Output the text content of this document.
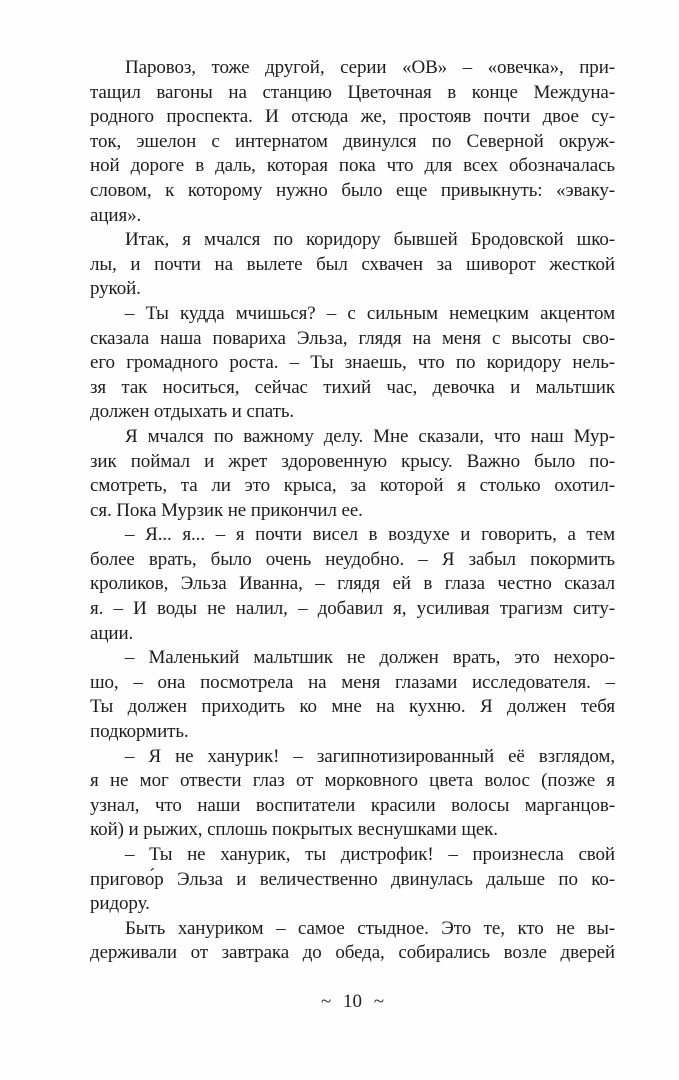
Паровоз, тоже другой, серии «ОВ» – «овечка», при-
тащил вагоны на станцию Цветочная в конце Междуна-
родного проспекта. И отсюда же, простояв почти двое су-
ток, эшелон с интернатом двинулся по Северной окруж-
ной дороге в даль, которая пока что для всех обозначалась
словом, к которому нужно было еще привыкнуть: «эваку-
ация».
Итак, я мчался по коридору бывшей Бродовской шко-
лы, и почти на вылете был схвачен за шиворот жесткой
рукой.
– Ты кудда мчишься? – с сильным немецким акцентом
сказала наша повариха Эльза, глядя на меня с высоты сво-
его громадного роста. – Ты знаешь, что по коридору нель-
зя так носиться, сейчас тихий час, девочка и мальтшик
должен отдыхать и спать.
Я мчался по важному делу. Мне сказали, что наш Мур-
зик поймал и жрет здоровенную крысу. Важно было по-
смотреть, та ли это крыса, за которой я столько охотил-
ся. Пока Мурзик не прикончил ее.
– Я... я... – я почти висел в воздухе и говорить, а тем
более врать, было очень неудобно. – Я забыл покормить
кроликов, Эльза Иванна, – глядя ей в глаза честно сказал
я. – И воды не налил, – добавил я, усиливая трагизм ситу-
ации.
– Маленький мальтшик не должен врать, это нехоро-
шо, – она посмотрела на меня глазами исследователя. –
Ты должен приходить ко мне на кухню. Я должен тебя
подкормить.
– Я не ханурик! – загипнотизированный её взглядом,
я не мог отвести глаз от морковного цвета волос (позже я
узнал, что наши воспитатели красили волосы марганцов-
кой) и рыжих, сплошь покрытых веснушками щек.
– Ты не ханурик, ты дистрофик! – произнесла свой
пригово́р Эльза и величественно двинулась дальше по ко-
ридору.
Быть хануриком – самое стыдное. Это те, кто не вы-
держивали от завтрака до обеда, собирались возле дверей
~ 10 ~
